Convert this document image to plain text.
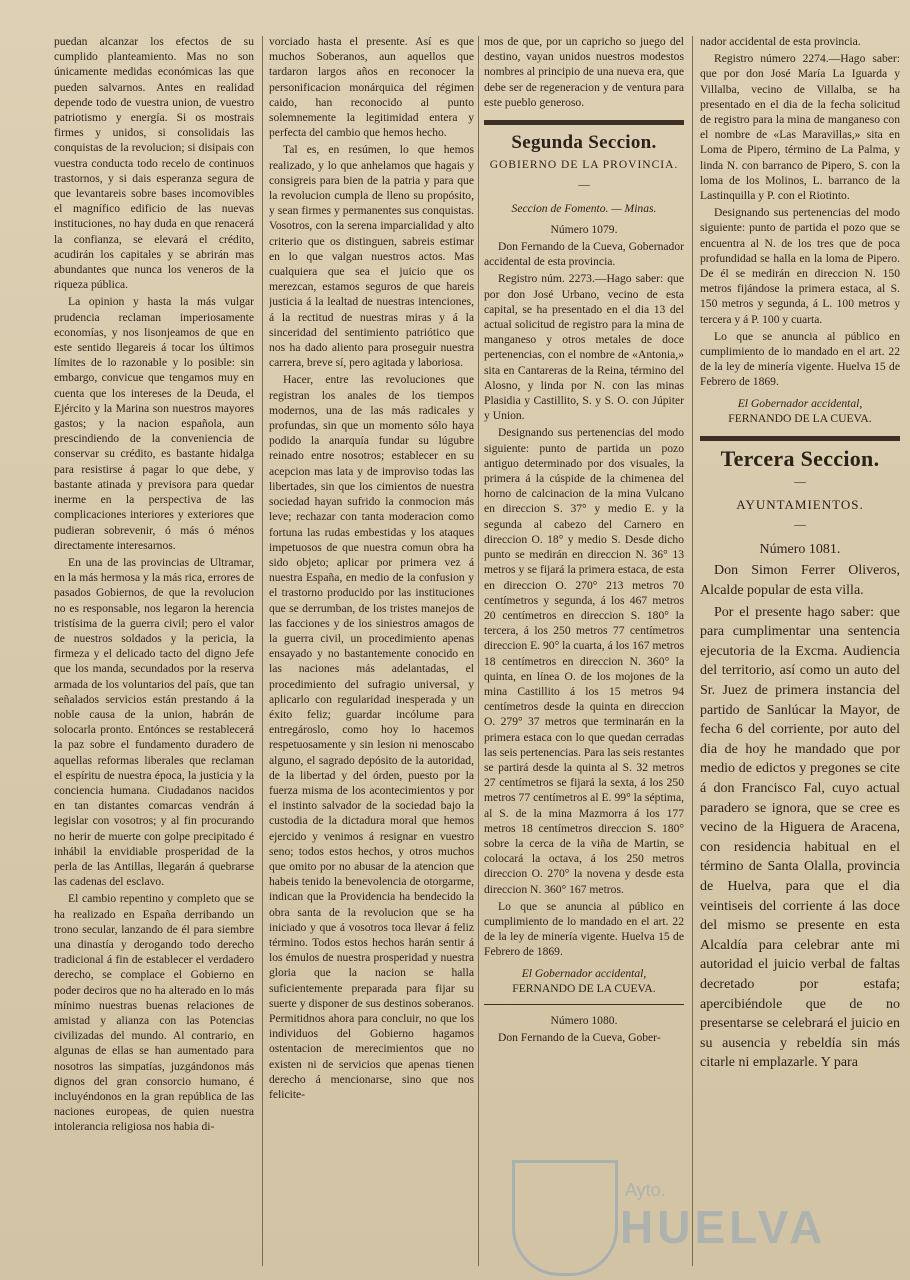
puedan alcanzar los efectos de su cumplido planteamiento. Mas no son únicamente medidas económicas las que pueden salvarnos. Antes en realidad depende todo de vuestra union, de vuestro patriotismo y energía. Si os mostrais firmes y unidos, si consolidais las conquistas de la revolucion; si disipais con vuestra conducta todo recelo de continuos trastornos, y si dais esperanza segura de que levantareis sobre bases incomovibles el magnífico edificio de las nuevas instituciones, no hay duda en que renacerá la confianza, se elevará el crédito, acudirán los capitales y se abrirán mas abundantes que nunca los veneros de la riqueza pública.

La opinion y hasta la más vulgar prudencia reclaman imperiosamente economías, y nos lisonjeamos de que en este sentido llegareis á tocar los últimos límites de lo razonable y lo posible: sin embargo, convicue que tengamos muy en cuenta que los intereses de la Deuda, el Ejército y la Marina son nuestros mayores gastos; y la nacion española, aun prescindiendo de la conveniencia de conservar su crédito, es bastante hidalga para resistirse á pagar lo que debe, y bastante atinada y previsora para quedar inerme en la perspectiva de las complicaciones interiores y exteriores que pudieran sobrevenir, ó más ó ménos directamente interesarnos.

En una de las provincias de Ultramar, en la más hermosa y la más rica, errores de pasados Gobiernos, de que la revolucion no es responsable, nos legaron la herencia tristísima de la guerra civil; pero el valor de nuestros soldados y la pericia, la firmeza y el delicado tacto del digno Jefe que los manda, secundados por la reserva armada de los voluntarios del país, que tan señalados servicios están prestando á la noble causa de la union, habrán de solocarla pronto. Entónces se restablecerá la paz sobre el fundamento duradero de aquellas reformas liberales que reclaman el espíritu de nuestra época, la justicia y la conciencia humana. Ciudadanos nacidos en tan distantes comarcas vendrán á legislar con vosotros; y al fin procurando no herir de muerte con golpe precipitado é inhábil la envidiable prosperidad de la perla de las Antillas, llegarán á quebrarse las cadenas del esclavo.

El cambio repentino y completo que se ha realizado en España derribando un trono secular, lanzando de él para siembre una dinastía y derogando todo derecho tradicional á fin de establecer el verdadero derecho, se complace el Gobierno en poder deciros que no ha alterado en lo más mínimo nuestras buenas relaciones de amistad y alianza con las Potencias civilizadas del mundo. Al contrario, en algunas de ellas se han aumentado para nosotros las simpatías, juzgándonos más dignos del gran consorcio humano, é incluyéndonos en la gran república de las naciones europeas, de quien nuestra intolerancia religiosa nos habia di-

vorciado hasta el presente. Así es que muchos Soberanos, aun aquellos que tardaron largos años en reconocer la personificacion monárquica del régimen caido, han reconocido al punto solemnemente la legitimidad entera y perfecta del cambio que hemos hecho.

Tal es, en resúmen, lo que hemos realizado, y lo que anhelamos que hagais y consigreis para bien de la patria y para que la revolucion cumpla de lleno su propósito, y sean firmes y permanentes sus conquistas. Vosotros, con la serena imparcialidad y alto criterio que os distinguen, sabreis estimar en lo que valgan nuestros actos. Mas cualquiera que sea el juicio que os merezcan, estamos seguros de que hareis justicia á la lealtad de nuestras intenciones, á la rectitud de nuestras miras y á la sinceridad del sentimiento patriótico que nos ha dado aliento para proseguir nuestra carrera, breve sí, pero agitada y laboriosa.

Hacer, entre las revoluciones que registran los anales de los tiempos modernos, una de las más radicales y profundas, sin que un momento sólo haya podido la anarquía fundar su lúgubre reinado entre nosotros; establecer en su acepcion mas lata y de improviso todas las libertades, sin que los cimientos de nuestra sociedad hayan sufrido la conmocion más leve; rechazar con tanta moderacion como fortuna las rudas embestidas y los ataques impetuosos de que nuestra comun obra ha sido objeto; aplicar por primera vez á nuestra España, en medio de la confusion y el trastorno producido por las instituciones que se derrumban, de los tristes manejos de las facciones y de los siniestros amagos de la guerra civil, un procedimiento apenas ensayado y no bastantemente conocido en las naciones más adelantadas, el procedimiento del sufragio universal, y aplicarlo con regularidad inesperada y un éxito feliz; guardar incólume para entregároslo, como hoy lo hacemos respetuosamente y sin lesion ni menoscabo alguno, el sagrado depósito de la autoridad, de la libertad y del órden, puesto por la fuerza misma de los acontecimientos y por el instinto salvador de la sociedad bajo la custodia de la dictadura moral que hemos ejercido y venimos á resignar en vuestro seno; todos estos hechos, y otros muchos que omito por no abusar de la atencion que habeis tenido la benevolencia de otorgarme, indican que la Providencia ha bendecido la obra santa de la revolucion que se ha iniciado y que á vosotros toca llevar á feliz término. Todos estos hechos harán sentir á los émulos de nuestra prosperidad y nuestra gloria que la nacion se halla suficientemente preparada para fijar su suerte y disponer de sus destinos soberanos. Permitidnos ahora para concluir, no que los individuos del Gobierno hagamos ostentacion de merecimientos que no existen ni de servicios que apenas tienen derecho á mencionarse, sino que nos felicite-

mos de que, por un capricho so juego del destino, vayan unidos nuestros modestos nombres al principio de una nueva era, que debe ser de regeneracion y de ventura para este pueblo generoso.

Segunda Seccion.
GOBIERNO DE LA PROVINCIA.
—

Seccion de Fomento. — Minas.

Número 1079.

Don Fernando de la Cueva, Gobernador accidental de esta provincia.

Registro núm. 2273.—Hago saber: que por don José Urbano, vecino de esta capital, se ha presentado en el dia 13 del actual solicitud de registro para la mina de manganeso y otros metales de doce pertenencias, con el nombre de «Antonia,» sita en Cantareras de la Reina, término del Alosno, y linda por N. con las minas Plasidia y Castillito, S. y S. O. con Júpiter y Union.

Designando sus pertenencias del modo siguiente: punto de partida un pozo antiguo determinado por dos visuales, la primera á la cúspide de la chimenea del horno de calcinacion de la mina Vulcano en direccion S. 37° y medio E. y la segunda al cabezo del Carnero en direccion O. 18° y medio S. Desde dicho punto se medirán en direccion N. 36° 13 metros y se fijará la primera estaca, de esta en direccion O. 270° 213 metros 70 centímetros y segunda, á los 467 metros 20 centímetros en direccion S. 180° la tercera, á los 250 metros 77 centímetros direccion E. 90° la cuarta, á los 167 metros 18 centímetros en direccion N. 360° la quinta, en línea O. de los mojones de la mina Castillito á los 15 metros 94 centímetros desde la quinta en direccion O. 279° 37 metros que terminarán en la primera estaca con lo que quedan cerradas las seis pertenencias. Para las seis restantes se partirá desde la quinta al S. 32 metros 27 centímetros se fijará la sexta, á los 250 metros 77 centímetros al E. 99° la séptima, al S. de la mina Mazmorra á los 177 metros 18 centímetros direccion S. 180° sobre la cerca de la viña de Martin, se colocará la octava, á los 250 metros direccion O. 270° la novena y desde esta direccion N. 360° 167 metros.

Lo que se anuncia al público en cumplimiento de lo mandado en el art. 22 de la ley de minería vigente. Huelva 15 de Febrero de 1869.

El Gobernador accidental,
FERNANDO DE LA CUEVA.

Número 1080.

Don Fernando de la Cueva, Gober-

nador accidental de esta provincia.

Registro número 2274.—Hago saber: que por don José María La Iguarda y Villalba, vecino de Villalba, se ha presentado en el dia de la fecha solicitud de registro para la mina de manganeso con el nombre de «Las Maravillas,» sita en Loma de Pipero, término de La Palma, y linda N. con barranco de Pipero, S. con la loma de los Molinos, L. barranco de la Lastinquilla y P. con el Riotinto.

Designando sus pertenencias del modo siguiente: punto de partida el pozo que se encuentra al N. de los tres que de poca profundidad se halla en la loma de Pipero. De él se medirán en direccion N. 150 metros fijándose la primera estaca, al S. 150 metros y segunda, á L. 100 metros y tercera y á P. 100 y cuarta.

Lo que se anuncia al público en cumplimiento de lo mandado en el art. 22 de la ley de minería vigente. Huelva 15 de Febrero de 1869.

El Gobernador accidental,
FERNANDO DE LA CUEVA.
Tercera Seccion.
—
AYUNTAMIENTOS.
—

Número 1081.

Don Simon Ferrer Oliveros, Alcalde popular de esta villa.

Por el presente hago saber: que para cumplimentar una sentencia ejecutoria de la Excma. Audiencia del territorio, así como un auto del Sr. Juez de primera instancia del partido de Sanlúcar la Mayor, de fecha 6 del corriente, por auto del dia de hoy he mandado que por medio de edictos y pregones se cite á don Francisco Fal, cuyo actual paradero se ignora, que se cree es vecino de la Higuera de Aracena, con residencia habitual en el término de Santa Olalla, provincia de Huelva, para que el dia veintiseis del corriente á las doce del mismo se presente en esta Alcaldía para celebrar ante mi autoridad el juicio verbal de faltas decretado por estafa; apercibiéndole que de no presentarse se celebrará el juicio en su ausencia y rebeldía sin más citarle ni emplazarle. Y para

Ayto.
HUELVA
